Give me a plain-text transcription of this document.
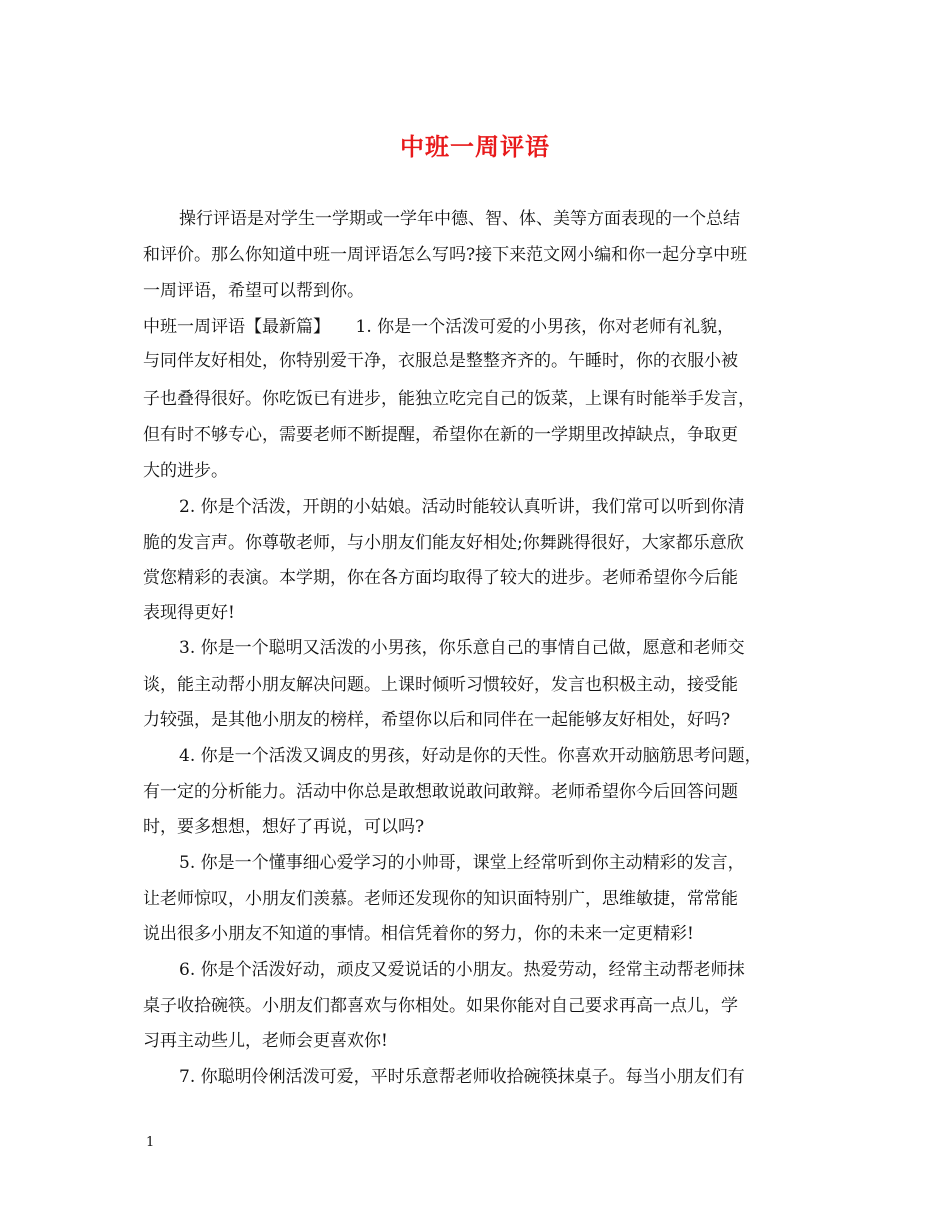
中班一周评语
操行评语是对学生一学期或一学年中德、智、体、美等方面表现的一个总结
和评价。那么你知道中班一周评语怎么写吗?接下来范文网小编和你一起分享中班
一周评语，希望可以帮到你。
中班一周评语【最新篇】　　1. 你是一个活泼可爱的小男孩，你对老师有礼貌，
与同伴友好相处，你特别爱干净，衣服总是整整齐齐的。午睡时，你的衣服小被
子也叠得很好。你吃饭已有进步，能独立吃完自己的饭菜，上课有时能举手发言，
但有时不够专心，需要老师不断提醒，希望你在新的一学期里改掉缺点，争取更
大的进步。
2. 你是个活泼，开朗的小姑娘。活动时能较认真听讲，我们常可以听到你清
脆的发言声。你尊敬老师，与小朋友们能友好相处;你舞跳得很好，大家都乐意欣
赏您精彩的表演。本学期，你在各方面均取得了较大的进步。老师希望你今后能
表现得更好!
3. 你是一个聪明又活泼的小男孩，你乐意自己的事情自己做，愿意和老师交
谈，能主动帮小朋友解决问题。上课时倾听习惯较好，发言也积极主动，接受能
力较强，是其他小朋友的榜样，希望你以后和同伴在一起能够友好相处，好吗?
4. 你是一个活泼又调皮的男孩，好动是你的天性。你喜欢开动脑筋思考问题，
有一定的分析能力。活动中你总是敢想敢说敢问敢辩。老师希望你今后回答问题
时，要多想想，想好了再说，可以吗?
5. 你是一个懂事细心爱学习的小帅哥，课堂上经常听到你主动精彩的发言，
让老师惊叹，小朋友们羡慕。老师还发现你的知识面特别广，思维敏捷，常常能
说出很多小朋友不知道的事情。相信凭着你的努力，你的未来一定更精彩!
6. 你是个活泼好动，顽皮又爱说话的小朋友。热爱劳动，经常主动帮老师抹
桌子收拾碗筷。小朋友们都喜欢与你相处。如果你能对自己要求再高一点儿，学
习再主动些儿，老师会更喜欢你!
7. 你聪明伶俐活泼可爱，平时乐意帮老师收拾碗筷抹桌子。每当小朋友们有
1
